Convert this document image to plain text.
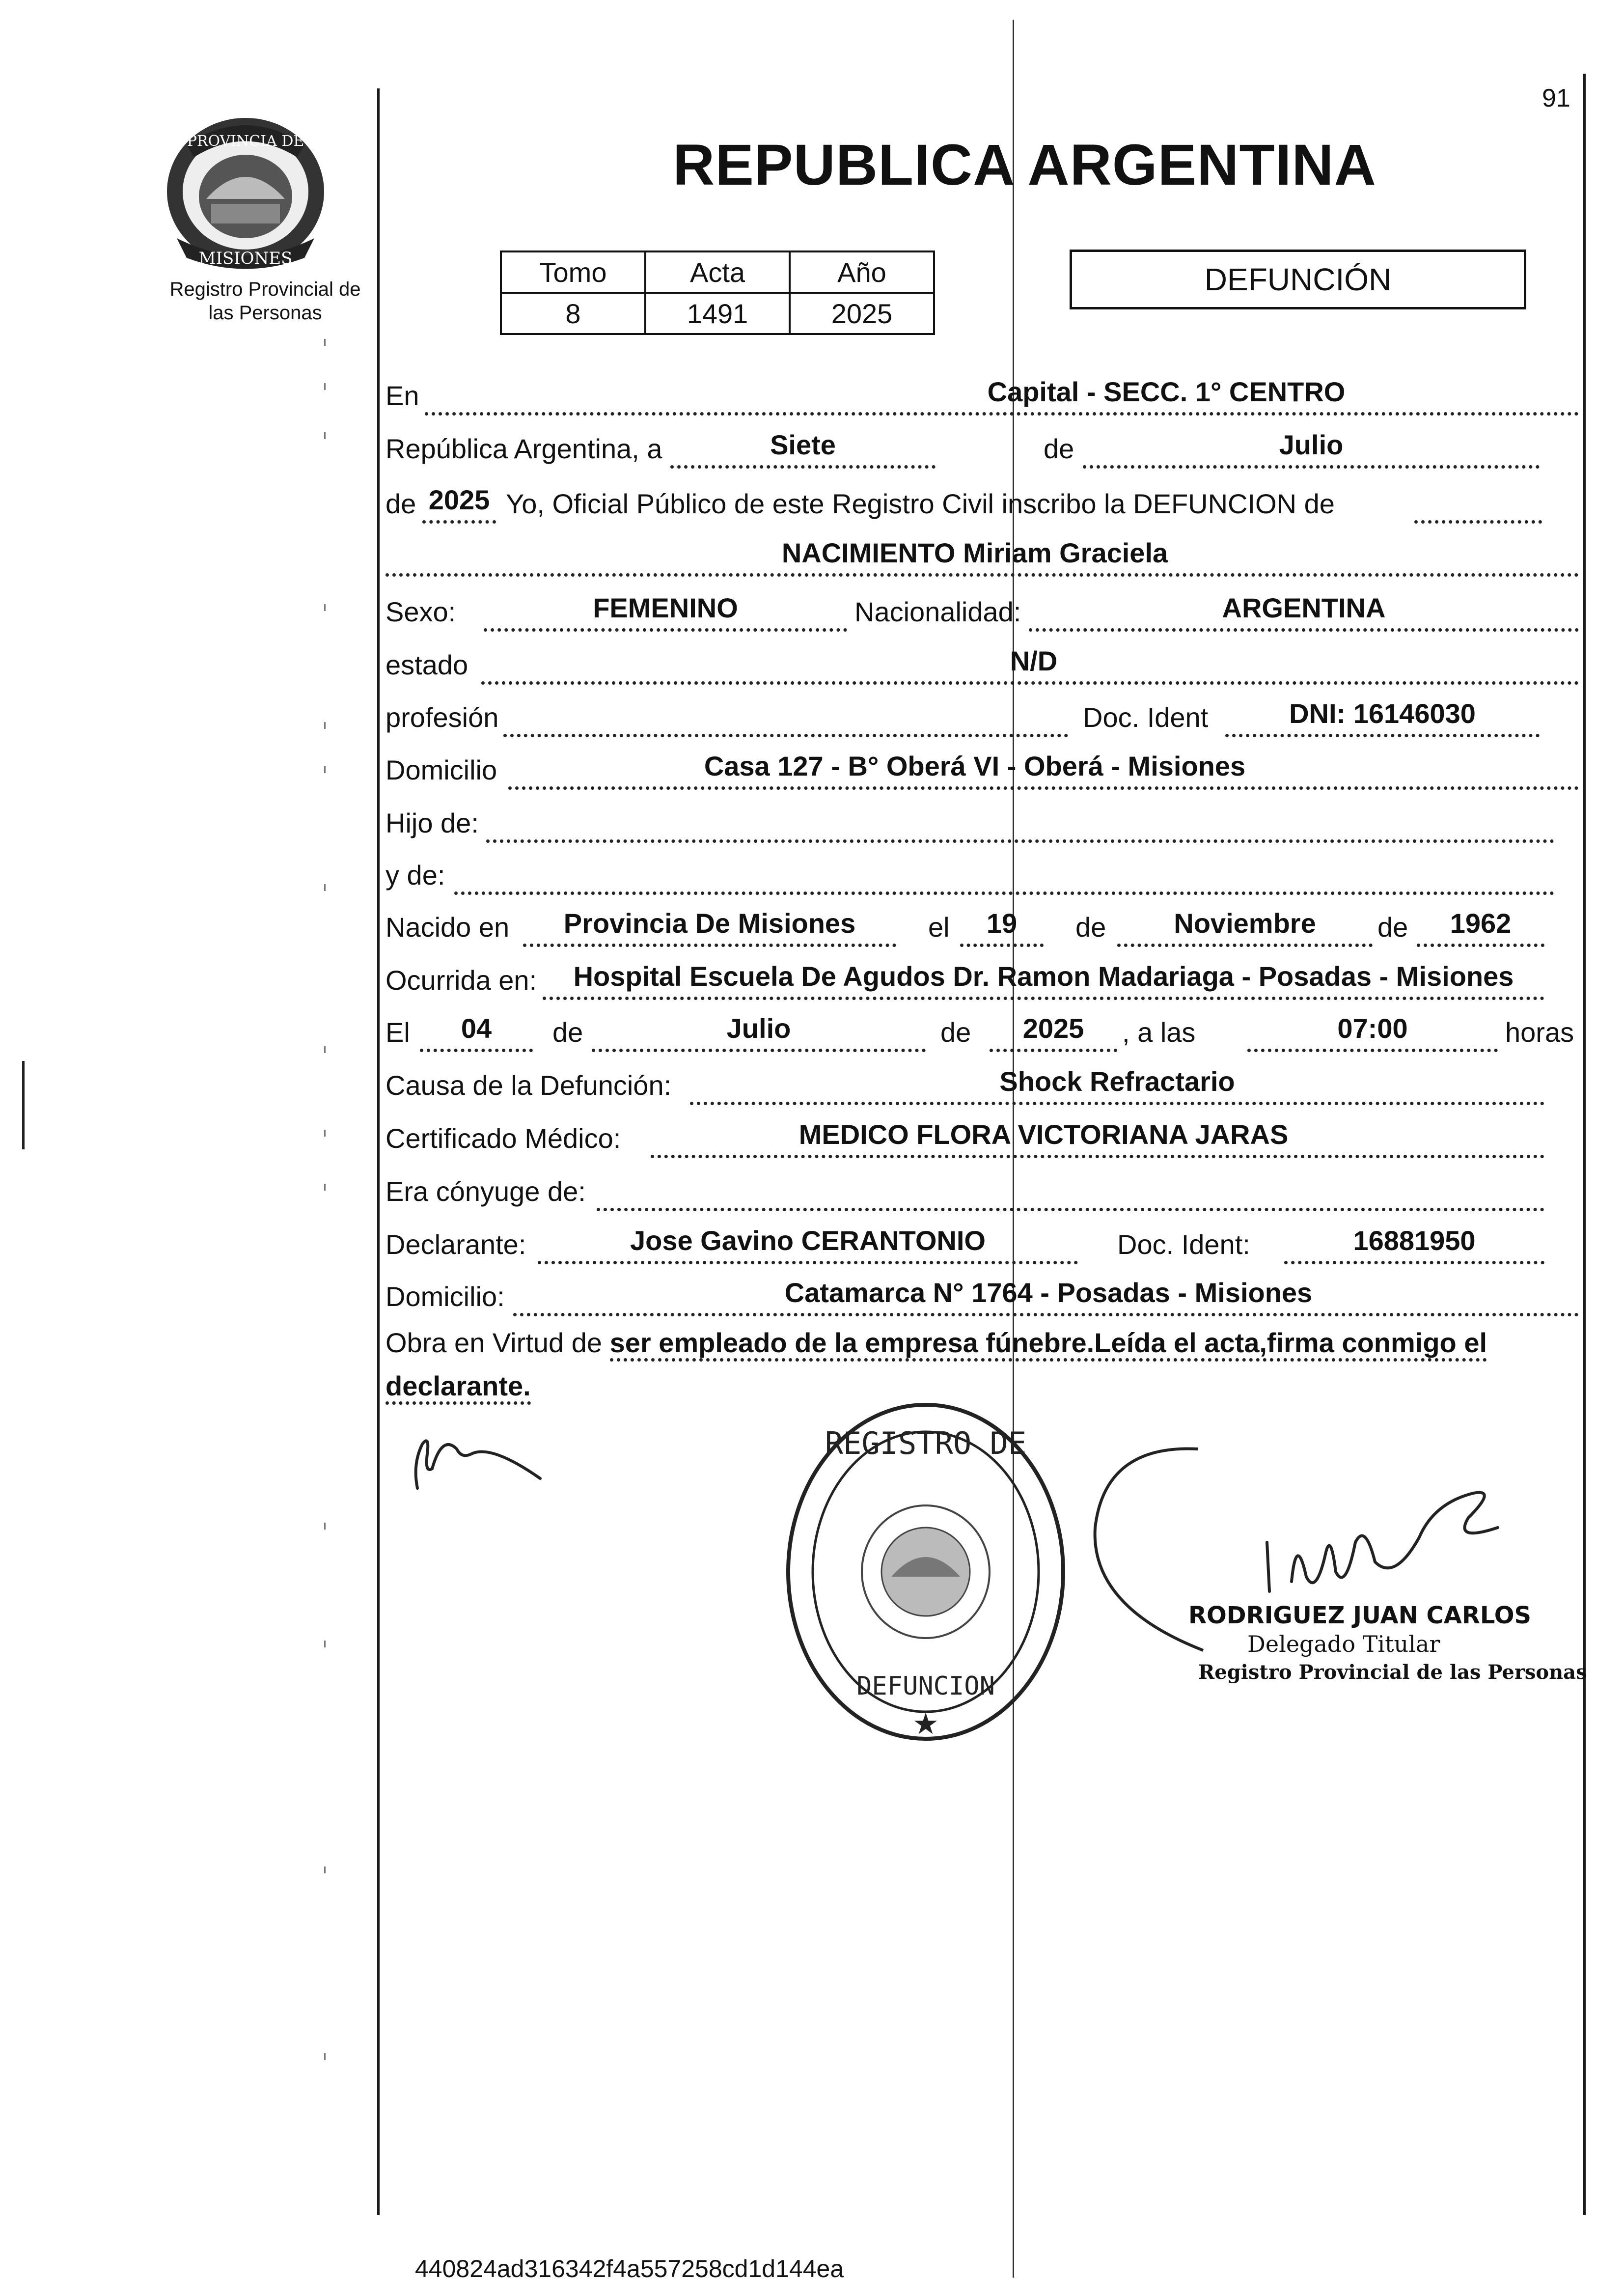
91
REPUBLICA ARGENTINA
MISIONES
PROVINCIA DE
Registro Provincial de
las Personas
Tomo	Acta	Año
8	1491	2025
DEFUNCIÓN
En	Capital - SECC. 1° CENTRO
República Argentina, a	Siete	de	Julio
de 2025 Yo, Oficial Público de este Registro Civil inscribo la DEFUNCION de
NACIMIENTO Miriam Graciela
Sexo:	FEMENINO	Nacionalidad:	ARGENTINA
estado	N/D
profesión	Doc. Ident	DNI: 16146030
Domicilio	Casa 127 - B° Oberá VI - Oberá - Misiones
Hijo de:
y de:
Nacido en	Provincia De Misiones	el	19	de	Noviembre	de	1962
Ocurrida en:	Hospital Escuela De Agudos Dr. Ramon Madariaga - Posadas - Misiones
El	04	de	Julio	de	2025	, a las	07:00	horas
Causa de la Defunción:	Shock Refractario
Certificado Médico:	MEDICO FLORA VICTORIANA JARAS
Era cónyuge de:
Declarante:	Jose Gavino CERANTONIO	Doc. Ident:	16881950
Domicilio:	Catamarca N° 1764 - Posadas - Misiones
Obra en Virtud de ser empleado de la empresa fúnebre.Leída el acta,firma conmigo el declarante.
REGISTRO DE
DEFUNCION
★
RODRIGUEZ JUAN CARLOS
Delegado Titular
Registro Provincial de las Personas
440824ad316342f4a557258cd1d144ea
